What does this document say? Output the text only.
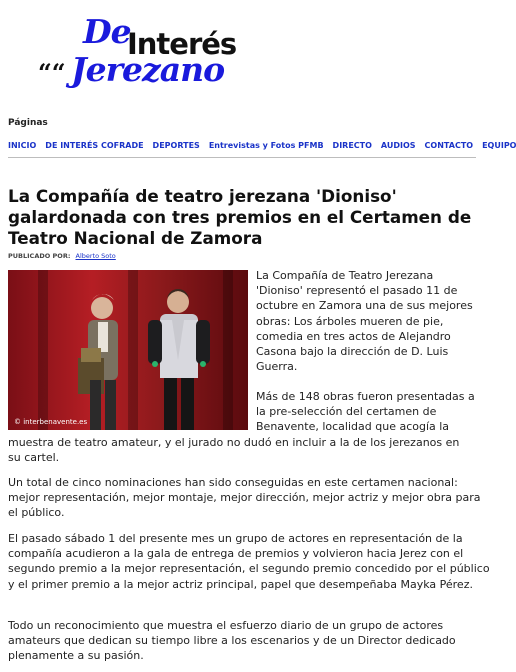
De
Interés
““ Jerezano
Páginas
INICIO DE INTERÉS COFRADE DEPORTES Entrevistas y Fotos PFMB DIRECTO AUDIOS CONTACTO EQUIPO
La Compañía de teatro jerezana 'Dioniso' galardonada con tres premios en el Certamen de Teatro Nacional de Zamora
PUBLICADO POR: Alberto Soto
© interbenavente.es
La Compañía de Teatro Jerezana
'Dioniso' representó el pasado 11 de
octubre en Zamora una de sus mejores
obras: Los árboles mueren de pie,
comedia en tres actos de Alejandro
Casona bajo la dirección de D. Luis
Guerra.
Más de 148 obras fueron presentadas a
la pre-selección del certamen de
Benavente, localidad que acogía la
muestra de teatro amateur, y el jurado no dudó en incluir a la de los jerezanos en
su cartel.

Un total de cinco nominaciones han sido conseguidas en este certamen nacional: mejor representación, mejor montaje, mejor dirección, mejor actriz y mejor obra para el público.

El pasado sábado 1 del presente mes un grupo de actores en representación de la compañía acudieron a la gala de entrega de premios y volvieron hacia Jerez con el segundo premio a la mejor representación, el segundo premio concedido por el público y el primer premio a la mejor actriz principal, papel que desempeñaba Mayka Pérez.

Todo un reconocimiento que muestra el esfuerzo diario de un grupo de actores amateurs que dedican su tiempo libre a los escenarios y de un Director dedicado plenamente a su pasión.
